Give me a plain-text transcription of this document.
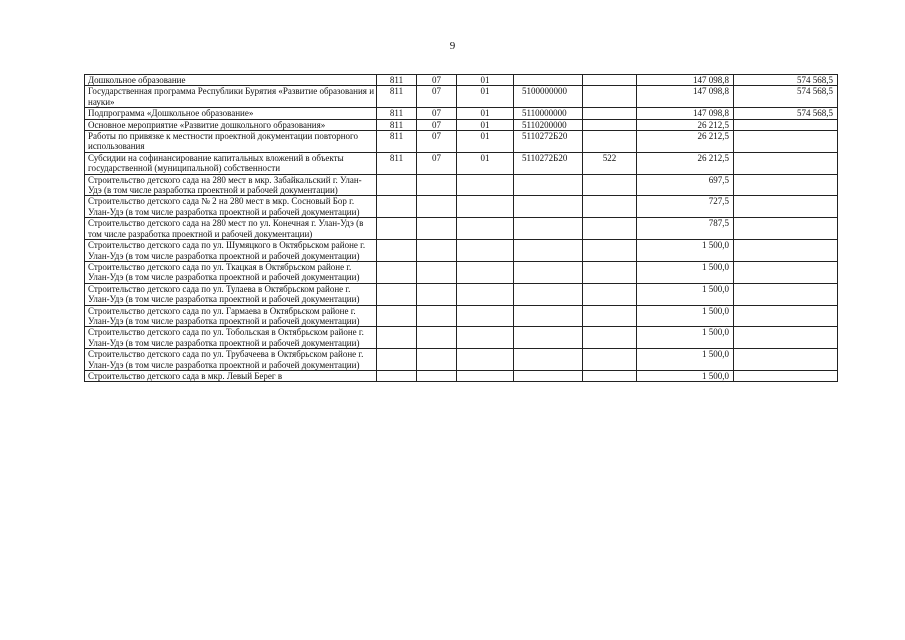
9
Дошкольное образование	811	07	01			147 098,8	574 568,5
Государственная программа Республики Бурятия «Развитие образования и науки»	811	07	01	5100000000		147 098,8	574 568,5
Подпрограмма «Дошкольное образование»	811	07	01	5110000000		147 098,8	574 568,5
Основное мероприятие «Развитие дошкольного образования»	811	07	01	5110200000		26 212,5	
Работы по привязке к местности проектной документации повторного использования	811	07	01	5110272Б20		26 212,5	
Субсидии на софинансирование капитальных вложений в объекты государственной (муниципальной) собственности	811	07	01	5110272Б20	522	26 212,5	
Строительство детского сада на 280 мест в мкр. Забайкальский г. Улан-Удэ (в том числе разработка проектной и рабочей документации)						697,5	
Строительство детского сада № 2 на 280 мест в мкр. Сосновый Бор г. Улан-Удэ (в том числе разработка проектной и рабочей документации)						727,5	
Строительство детского сада на 280 мест по ул. Конечная г. Улан-Удэ (в том числе разработка проектной и рабочей документации)						787,5	
Строительство детского сада по ул. Шумяцкого в Октябрьском районе г. Улан-Удэ (в том числе разработка проектной и рабочей документации)						1 500,0	
Строительство детского сада по ул. Ткацкая в Октябрьском районе г. Улан-Удэ (в том числе разработка проектной и рабочей документации)						1 500,0	
Строительство детского сада по ул. Тулаева в Октябрьском районе г. Улан-Удэ (в том числе разработка проектной и рабочей документации)						1 500,0	
Строительство детского сада по ул. Гармаева в Октябрьском районе г. Улан-Удэ (в том числе разработка проектной и рабочей документации)						1 500,0	
Строительство детского сада по ул. Тобольская в Октябрьском районе г. Улан-Удэ (в том числе разработка проектной и рабочей документации)						1 500,0	
Строительство детского сада по ул. Трубачеева в Октябрьском районе г. Улан-Удэ (в том числе разработка проектной и рабочей документации)						1 500,0	
Строительство детского сада в мкр. Левый Берег в						1 500,0	
